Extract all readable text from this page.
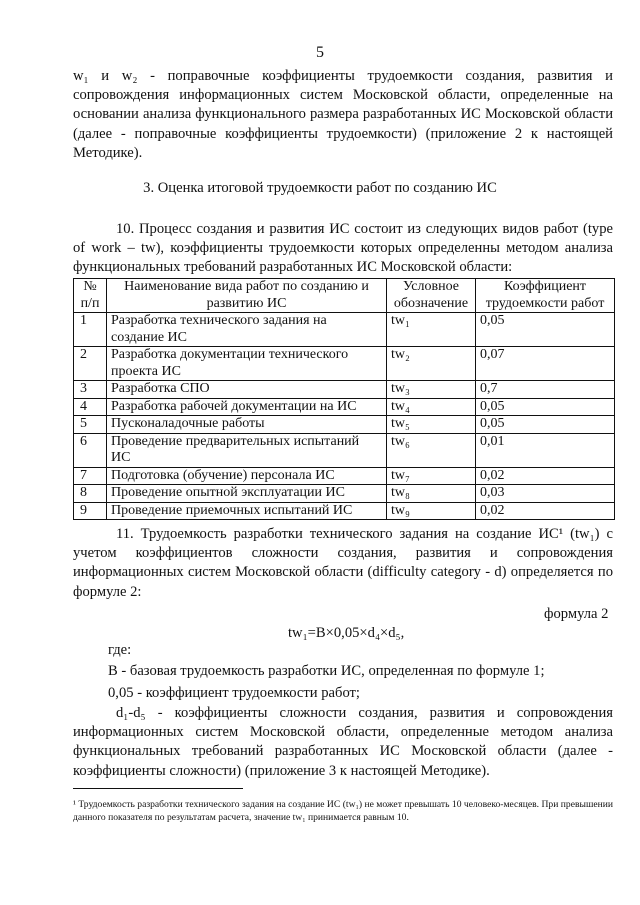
5

w₁ и w₂ - поправочные коэффициенты трудоемкости создания, развития и сопровождения информационных систем Московской области, определенные на основании анализа функционального размера разработанных ИС Московской области (далее - поправочные коэффициенты трудоемкости) (приложение 2 к настоящей Методике).

3. Оценка итоговой трудоемкости работ по созданию ИС

10. Процесс создания и развития ИС состоит из следующих видов работ (type of work – tw), коэффициенты трудоемкости которых определенны методом анализа функциональных требований разработанных ИС Московской области:

№ п/п	Наименование вида работ по созданию и развитию ИС	Условное обозначение	Коэффициент трудоемкости работ
1	Разработка технического задания на создание ИС	tw₁	0,05
2	Разработка документации технического проекта ИС	tw₂	0,07
3	Разработка СПО	tw₃	0,7
4	Разработка рабочей документации на ИС	tw₄	0,05
5	Пусконаладочные работы	tw₅	0,05
6	Проведение предварительных испытаний ИС	tw₆	0,01
7	Подготовка (обучение) персонала ИС	tw₇	0,02
8	Проведение опытной эксплуатации ИС	tw₈	0,03
9	Проведение приемочных испытаний ИС	tw₉	0,02

11. Трудоемкость разработки технического задания на создание ИС¹ (tw₁) с учетом коэффициентов сложности создания, развития и сопровождения информационных систем Московской области (difficulty category - d) определяется по формуле 2:

формула 2
tw₁=B×0,05×d₄×d₅,

где:

B - базовая трудоемкость разработки ИС, определенная по формуле 1;

0,05 - коэффициент трудоемкости работ;

d₁-d₅ - коэффициенты сложности создания, развития и сопровождения информационных систем Московской области, определенные методом анализа функциональных требований разработанных ИС Московской области (далее - коэффициенты сложности) (приложение 3 к настоящей Методике).

¹ Трудоемкость разработки технического задания на создание ИС (tw₁) не может превышать 10 человеко-месяцев. При превышении данного показателя по результатам расчета, значение tw₁ принимается равным 10.
